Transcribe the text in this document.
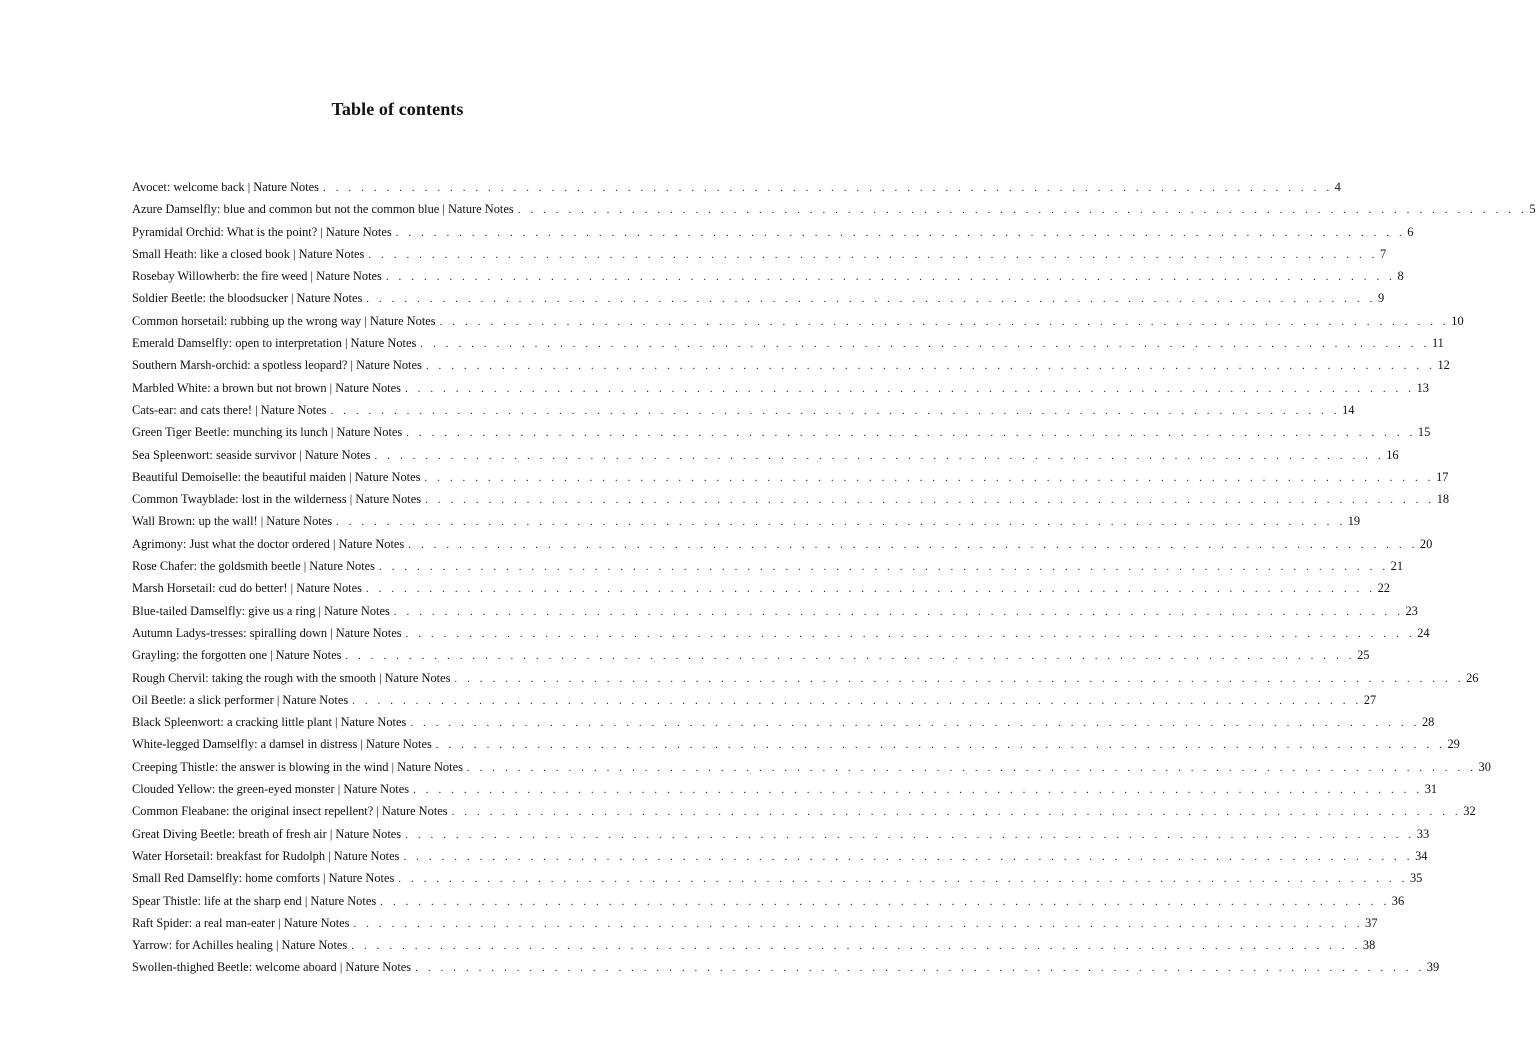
Table of contents
Avocet: welcome back | Nature Notes . . . . . . . . . . . . . . . . . . . . . . . . . . . . . . . . . . . . . . . . . . . . . . . . . . . . . . . . . . . . . . . . . . . . . . . . . . . . . . . . 4
Azure Damselfly: blue and common but not the common blue | Nature Notes . . . . . . . . . . . . . . . . . . . . . . . . . . . . . . . . . . . . . . . . . . . . . . . . . . . . . . . . . . . . . . . . . . . . . . . . . . . . . . . . 5
Pyramidal Orchid: What is the point? | Nature Notes . . . . . . . . . . . . . . . . . . . . . . . . . . . . . . . . . . . . . . . . . . . . . . . . . . . . . . . . . . . . . . . . . . . . . . . . . . . . . . . . 6
Small Heath: like a closed book | Nature Notes . . . . . . . . . . . . . . . . . . . . . . . . . . . . . . . . . . . . . . . . . . . . . . . . . . . . . . . . . . . . . . . . . . . . . . . . . . . . . . . . 7
Rosebay Willowherb: the fire weed | Nature Notes . . . . . . . . . . . . . . . . . . . . . . . . . . . . . . . . . . . . . . . . . . . . . . . . . . . . . . . . . . . . . . . . . . . . . . . . . . . . . . . . 8
Soldier Beetle: the bloodsucker | Nature Notes . . . . . . . . . . . . . . . . . . . . . . . . . . . . . . . . . . . . . . . . . . . . . . . . . . . . . . . . . . . . . . . . . . . . . . . . . . . . . . . . 9
Common horsetail: rubbing up the wrong way | Nature Notes . . . . . . . . . . . . . . . . . . . . . . . . . . . . . . . . . . . . . . . . . . . . . . . . . . . . . . . . . . . . . . . . . . . . . . . . . . . . . . . . 10
Emerald Damselfly: open to interpretation | Nature Notes . . . . . . . . . . . . . . . . . . . . . . . . . . . . . . . . . . . . . . . . . . . . . . . . . . . . . . . . . . . . . . . . . . . . . . . . . . . . . . . . 11
Southern Marsh-orchid: a spotless leopard? | Nature Notes . . . . . . . . . . . . . . . . . . . . . . . . . . . . . . . . . . . . . . . . . . . . . . . . . . . . . . . . . . . . . . . . . . . . . . . . . . . . . . . . 12
Marbled White: a brown but not brown | Nature Notes . . . . . . . . . . . . . . . . . . . . . . . . . . . . . . . . . . . . . . . . . . . . . . . . . . . . . . . . . . . . . . . . . . . . . . . . . . . . . . . . 13
Cats-ear: and cats there! | Nature Notes . . . . . . . . . . . . . . . . . . . . . . . . . . . . . . . . . . . . . . . . . . . . . . . . . . . . . . . . . . . . . . . . . . . . . . . . . . . . . . . . 14
Green Tiger Beetle: munching its lunch | Nature Notes . . . . . . . . . . . . . . . . . . . . . . . . . . . . . . . . . . . . . . . . . . . . . . . . . . . . . . . . . . . . . . . . . . . . . . . . . . . . . . . . 15
Sea Spleenwort: seaside survivor | Nature Notes . . . . . . . . . . . . . . . . . . . . . . . . . . . . . . . . . . . . . . . . . . . . . . . . . . . . . . . . . . . . . . . . . . . . . . . . . . . . . . . . 16
Beautiful Demoiselle: the beautiful maiden | Nature Notes . . . . . . . . . . . . . . . . . . . . . . . . . . . . . . . . . . . . . . . . . . . . . . . . . . . . . . . . . . . . . . . . . . . . . . . . . . . . . . . . 17
Common Twayblade: lost in the wilderness | Nature Notes . . . . . . . . . . . . . . . . . . . . . . . . . . . . . . . . . . . . . . . . . . . . . . . . . . . . . . . . . . . . . . . . . . . . . . . . . . . . . . . . 18
Wall Brown: up the wall! | Nature Notes . . . . . . . . . . . . . . . . . . . . . . . . . . . . . . . . . . . . . . . . . . . . . . . . . . . . . . . . . . . . . . . . . . . . . . . . . . . . . . . . 19
Agrimony: Just what the doctor ordered | Nature Notes . . . . . . . . . . . . . . . . . . . . . . . . . . . . . . . . . . . . . . . . . . . . . . . . . . . . . . . . . . . . . . . . . . . . . . . . . . . . . . . . 20
Rose Chafer: the goldsmith beetle | Nature Notes . . . . . . . . . . . . . . . . . . . . . . . . . . . . . . . . . . . . . . . . . . . . . . . . . . . . . . . . . . . . . . . . . . . . . . . . . . . . . . . . 21
Marsh Horsetail: cud do better! | Nature Notes . . . . . . . . . . . . . . . . . . . . . . . . . . . . . . . . . . . . . . . . . . . . . . . . . . . . . . . . . . . . . . . . . . . . . . . . . . . . . . . . 22
Blue-tailed Damselfly: give us a ring | Nature Notes . . . . . . . . . . . . . . . . . . . . . . . . . . . . . . . . . . . . . . . . . . . . . . . . . . . . . . . . . . . . . . . . . . . . . . . . . . . . . . . . 23
Autumn Ladys-tresses: spiralling down | Nature Notes . . . . . . . . . . . . . . . . . . . . . . . . . . . . . . . . . . . . . . . . . . . . . . . . . . . . . . . . . . . . . . . . . . . . . . . . . . . . . . . . 24
Grayling: the forgotten one | Nature Notes . . . . . . . . . . . . . . . . . . . . . . . . . . . . . . . . . . . . . . . . . . . . . . . . . . . . . . . . . . . . . . . . . . . . . . . . . . . . . . . . 25
Rough Chervil: taking the rough with the smooth | Nature Notes . . . . . . . . . . . . . . . . . . . . . . . . . . . . . . . . . . . . . . . . . . . . . . . . . . . . . . . . . . . . . . . . . . . . . . . . . . . . . . . . 26
Oil Beetle: a slick performer | Nature Notes . . . . . . . . . . . . . . . . . . . . . . . . . . . . . . . . . . . . . . . . . . . . . . . . . . . . . . . . . . . . . . . . . . . . . . . . . . . . . . . . 27
Black Spleenwort: a cracking little plant | Nature Notes . . . . . . . . . . . . . . . . . . . . . . . . . . . . . . . . . . . . . . . . . . . . . . . . . . . . . . . . . . . . . . . . . . . . . . . . . . . . . . . . 28
White-legged Damselfly: a damsel in distress | Nature Notes . . . . . . . . . . . . . . . . . . . . . . . . . . . . . . . . . . . . . . . . . . . . . . . . . . . . . . . . . . . . . . . . . . . . . . . . . . . . . . . . 29
Creeping Thistle: the answer is blowing in the wind | Nature Notes . . . . . . . . . . . . . . . . . . . . . . . . . . . . . . . . . . . . . . . . . . . . . . . . . . . . . . . . . . . . . . . . . . . . . . . . . . . . . . . . 30
Clouded Yellow: the green-eyed monster | Nature Notes . . . . . . . . . . . . . . . . . . . . . . . . . . . . . . . . . . . . . . . . . . . . . . . . . . . . . . . . . . . . . . . . . . . . . . . . . . . . . . . . 31
Common Fleabane: the original insect repellent? | Nature Notes . . . . . . . . . . . . . . . . . . . . . . . . . . . . . . . . . . . . . . . . . . . . . . . . . . . . . . . . . . . . . . . . . . . . . . . . . . . . . . . . 32
Great Diving Beetle: breath of fresh air | Nature Notes . . . . . . . . . . . . . . . . . . . . . . . . . . . . . . . . . . . . . . . . . . . . . . . . . . . . . . . . . . . . . . . . . . . . . . . . . . . . . . . . 33
Water Horsetail: breakfast for Rudolph | Nature Notes . . . . . . . . . . . . . . . . . . . . . . . . . . . . . . . . . . . . . . . . . . . . . . . . . . . . . . . . . . . . . . . . . . . . . . . . . . . . . . . . 34
Small Red Damselfly: home comforts | Nature Notes . . . . . . . . . . . . . . . . . . . . . . . . . . . . . . . . . . . . . . . . . . . . . . . . . . . . . . . . . . . . . . . . . . . . . . . . . . . . . . . . 35
Spear Thistle: life at the sharp end | Nature Notes . . . . . . . . . . . . . . . . . . . . . . . . . . . . . . . . . . . . . . . . . . . . . . . . . . . . . . . . . . . . . . . . . . . . . . . . . . . . . . . . 36
Raft Spider: a real man-eater | Nature Notes . . . . . . . . . . . . . . . . . . . . . . . . . . . . . . . . . . . . . . . . . . . . . . . . . . . . . . . . . . . . . . . . . . . . . . . . . . . . . . . . 37
Yarrow: for Achilles healing | Nature Notes . . . . . . . . . . . . . . . . . . . . . . . . . . . . . . . . . . . . . . . . . . . . . . . . . . . . . . . . . . . . . . . . . . . . . . . . . . . . . . . . 38
Swollen-thighed Beetle: welcome aboard | Nature Notes . . . . . . . . . . . . . . . . . . . . . . . . . . . . . . . . . . . . . . . . . . . . . . . . . . . . . . . . . . . . . . . . . . . . . . . . . . . . . . . . 39
